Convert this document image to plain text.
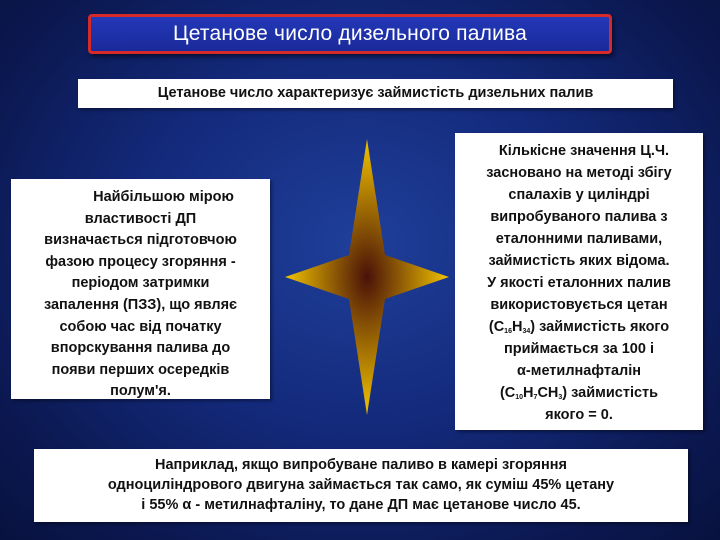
Цетанове число дизельного палива
Цетанове число характеризує займистість дизельних палив
Найбільшою мірою
властивості ДП
визначається підготовчою
фазою процесу згоряння -
періодом затримки
запалення (ПЗЗ), що являє
собою час від початку
впорскування палива до
появи перших осередків
полум'я.
Кількісне значення Ц.Ч.
засновано на методі збігу
спалахів у циліндрі
випробуваного палива з
еталонними паливами,
займистість яких відома.
У якості еталонних палив
використовується цетан
$(С_{16}Н_{34})$ займистість якого
приймається за 100 і
α-метилнафталін
$(С_{10}Н_7СН_3)$ займистість
якого = 0.
Наприклад, якщо випробуване паливо в камері згоряння
одноциліндрового двигуна займається так само, як суміш 45% цетану
і 55% α - метилнафталіну, то дане ДП має цетанове число 45.
